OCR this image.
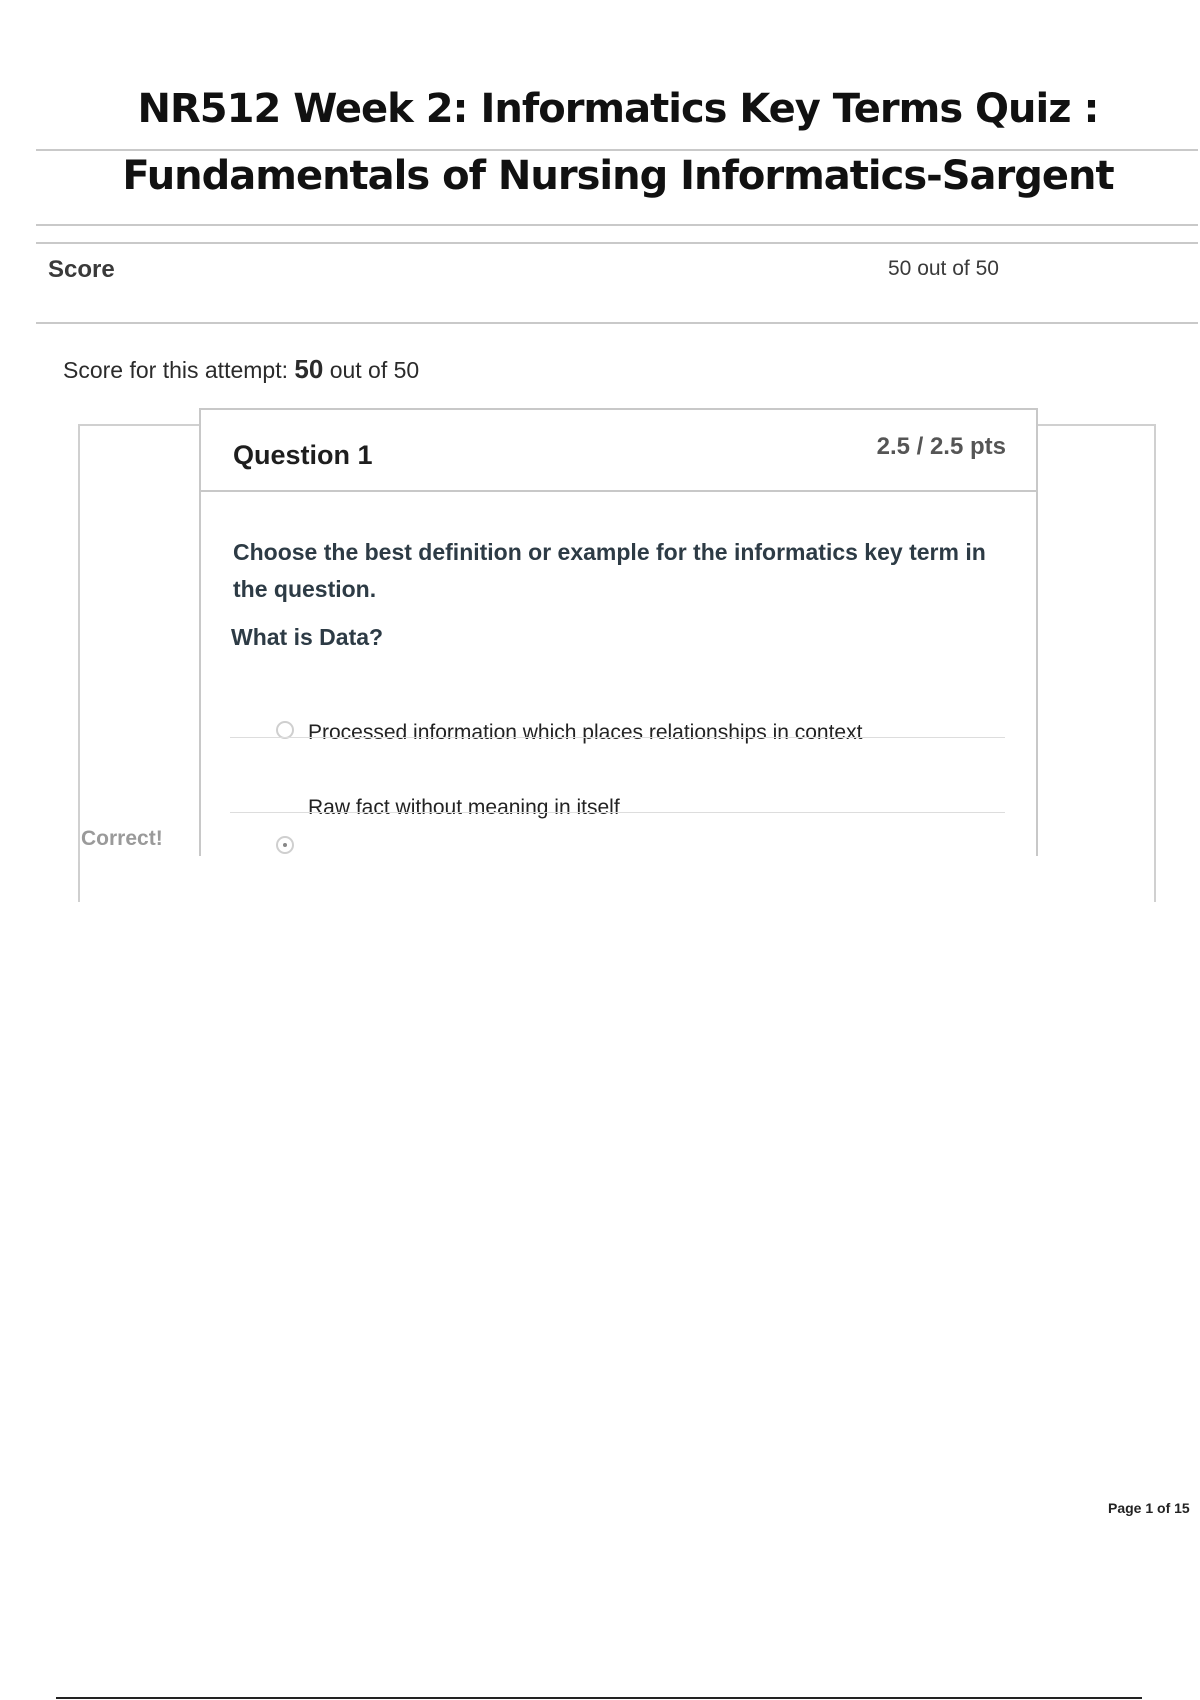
NR512 Week 2: Informatics Key Terms Quiz :
Fundamentals of Nursing Informatics-Sargent
Score	50 out of 50
Score for this attempt: 50 out of 50
Question 1	2.5 / 2.5 pts
Choose the best definition or example for the informatics key term in the question.
What is Data?
Processed information which places relationships in context
Raw fact without meaning in itself
Correct!
Page 1 of 15
